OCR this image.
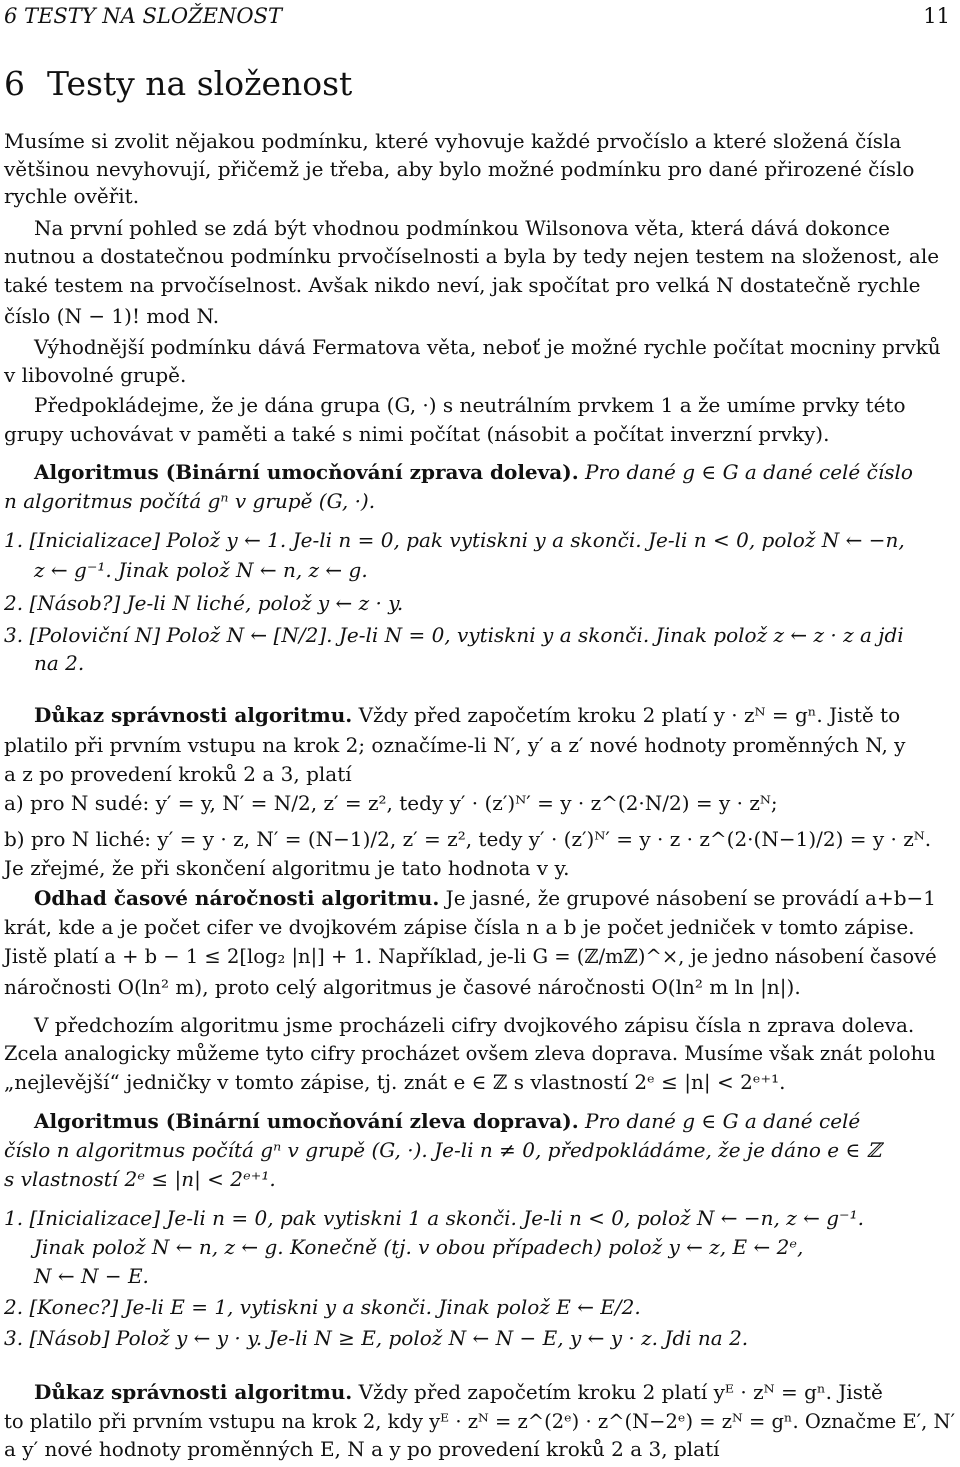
6 TESTY NA SLOŽENOST	11
6 Testy na složenost
Musíme si zvolit nějakou podmínku, které vyhovuje každé prvočíslo a které složená čísla
většinou nevyhovují, přičemž je třeba, aby bylo možné podmínku pro dané přirozené číslo
rychle ověřit.
Na první pohled se zdá být vhodnou podmínkou Wilsonova věta, která dává dokonce
nutnou a dostatečnou podmínku prvočíselnosti a byla by tedy nejen testem na složenost, ale
také testem na prvočíselnost. Avšak nikdo neví, jak spočítat pro velká N dostatečně rychle
číslo (N − 1)! mod N.
Výhodnější podmínku dává Fermatova věta, neboť je možné rychle počítat mocniny prvků
v libovolné grupě.
Předpokládejme, že je dána grupa (G, ·) s neutrálním prvkem 1 a že umíme prvky této
grupy uchovávat v paměti a také s nimi počítat (násobit a počítat inverzní prvky).
Algoritmus (Binární umocňování zprava doleva). Pro dané g ∈ G a dané celé číslo
n algoritmus počítá gⁿ v grupě (G, ·).
1. [Inicializace] Polož y ← 1. Je-li n = 0, pak vytiskni y a skonči. Je-li n < 0, polož N ← −n,
z ← g⁻¹. Jinak polož N ← n, z ← g.
2. [Násob?] Je-li N liché, polož y ← z · y.
3. [Poloviční N] Polož N ← [N/2]. Je-li N = 0, vytiskni y a skonči. Jinak polož z ← z · z a jdi
na 2.
Důkaz správnosti algoritmu. Vždy před započetím kroku 2 platí y · zᴺ = gⁿ. Jistě to
platilo při prvním vstupu na krok 2; označíme-li N′, y′ a z′ nové hodnoty proměnných N, y
a z po provedení kroků 2 a 3, platí
a) pro N sudé: y′ = y, N′ = N/2, z′ = z², tedy y′ · (z′)ᴺ′ = y · z^(2·N/2) = y · zᴺ;
b) pro N liché: y′ = y · z, N′ = (N−1)/2, z′ = z², tedy y′ · (z′)ᴺ′ = y · z · z^(2·(N−1)/2) = y · zᴺ.
Je zřejmé, že při skončení algoritmu je tato hodnota v y.
Odhad časové náročnosti algoritmu. Je jasné, že grupové násobení se provádí a+b−1
krát, kde a je počet cifer ve dvojkovém zápise čísla n a b je počet jedniček v tomto zápise.
Jistě platí a + b − 1 ≤ 2[log₂ |n|] + 1. Například, je-li G = (ℤ/mℤ)^×, je jedno násobení časové
náročnosti O(ln² m), proto celý algoritmus je časové náročnosti O(ln² m ln |n|).
V předchozím algoritmu jsme procházeli cifry dvojkového zápisu čísla n zprava doleva.
Zcela analogicky můžeme tyto cifry procházet ovšem zleva doprava. Musíme však znát polohu
„nejlevější“ jedničky v tomto zápise, tj. znát e ∈ ℤ s vlastností 2ᵉ ≤ |n| < 2ᵉ⁺¹.
Algoritmus (Binární umocňování zleva doprava). Pro dané g ∈ G a dané celé
číslo n algoritmus počítá gⁿ v grupě (G, ·). Je-li n ≠ 0, předpokládáme, že je dáno e ∈ ℤ
s vlastností 2ᵉ ≤ |n| < 2ᵉ⁺¹.
1. [Inicializace] Je-li n = 0, pak vytiskni 1 a skonči. Je-li n < 0, polož N ← −n, z ← g⁻¹.
Jinak polož N ← n, z ← g. Konečně (tj. v obou případech) polož y ← z, E ← 2ᵉ,
N ← N − E.
2. [Konec?] Je-li E = 1, vytiskni y a skonči. Jinak polož E ← E/2.
3. [Násob] Polož y ← y · y. Je-li N ≥ E, polož N ← N − E, y ← y · z. Jdi na 2.
Důkaz správnosti algoritmu. Vždy před započetím kroku 2 platí yᴱ · zᴺ = gⁿ. Jistě
to platilo při prvním vstupu na krok 2, kdy yᴱ · zᴺ = z^(2ᵉ) · z^(N−2ᵉ) = zᴺ = gⁿ. Označme E′, N′
a y′ nové hodnoty proměnných E, N a y po provedení kroků 2 a 3, platí
